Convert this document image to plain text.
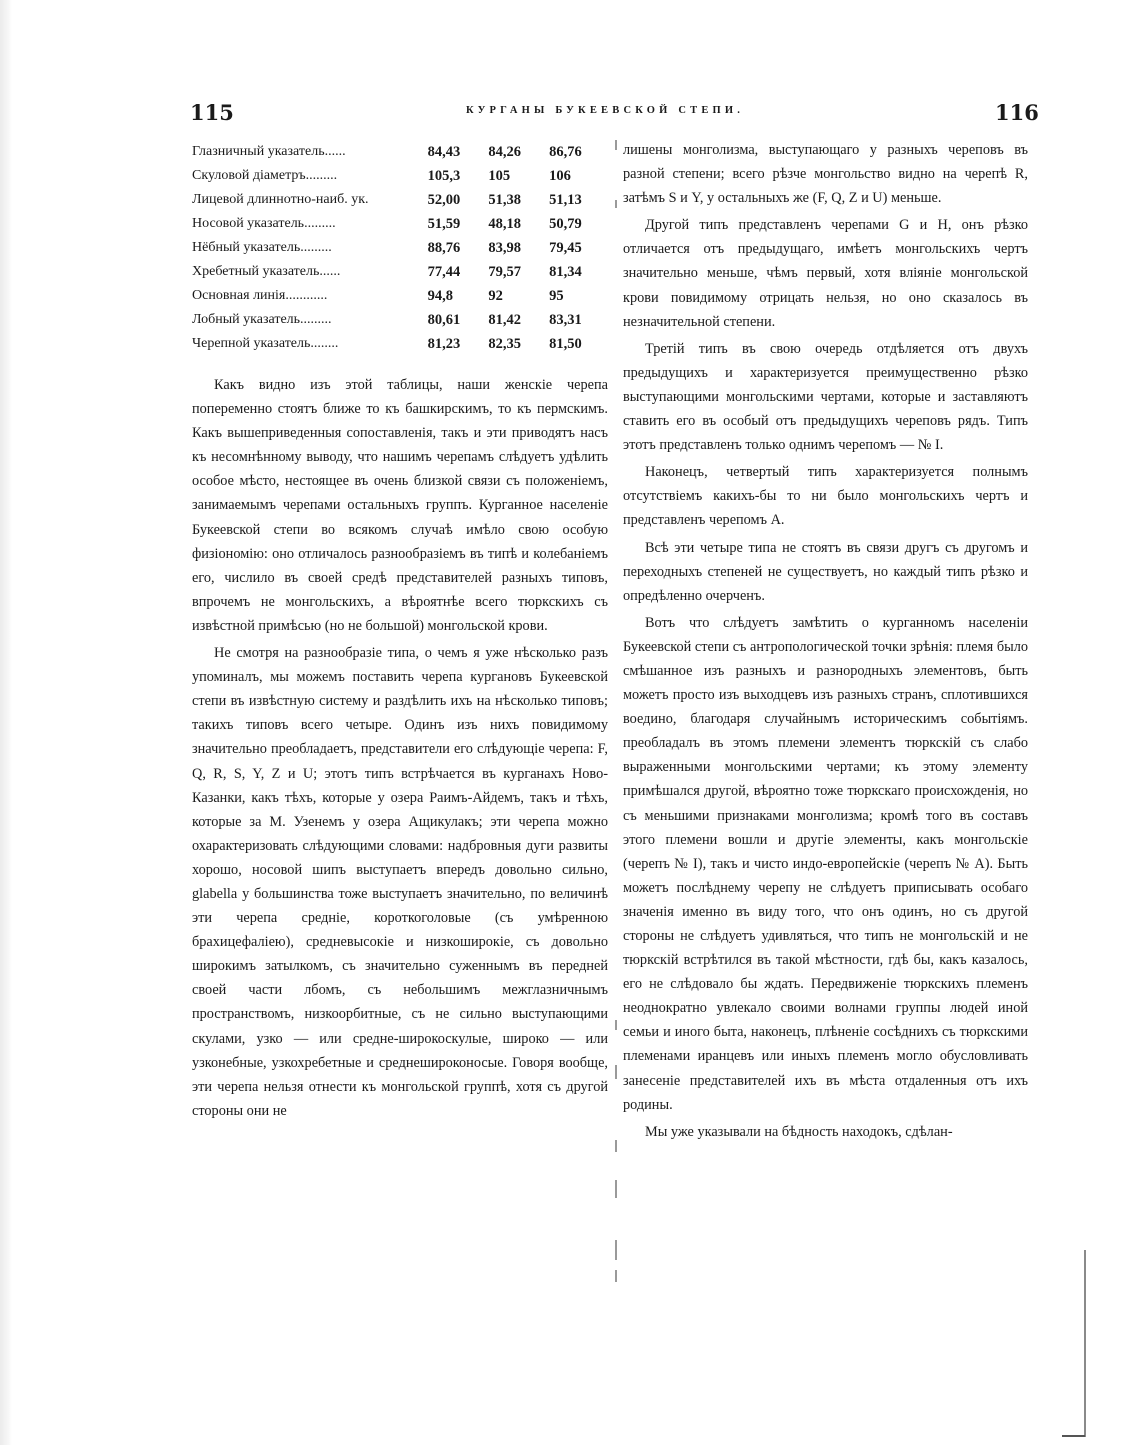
115	КУРГАНЫ БУКЕЕВСКОЙ СТЕПИ.	116
Глазничный указатель......	84,43	84,26	86,76
Скуловой діаметръ.........	105,3	105	106
Лицевой длиннотно-наиб. ук.	52,00	51,38	51,13
Носовой указатель.........	51,59	48,18	50,79
Нёбный указатель.........	88,76	83,98	79,45
Хребетный указатель......	77,44	79,57	81,34
Основная линія............	94,8	92	95
Лобный указатель.........	80,61	81,42	83,31
Черепной указатель........	81,23	82,35	81,50

Какъ видно изъ этой таблицы, наши женскіе черепа попеременно стоятъ ближе то къ башкирскимъ, то къ пермскимъ. Какъ вышеприведенныя сопоставленія, такъ и эти приводятъ насъ къ несомнѣнному выводу, что нашимъ черепамъ слѣдуетъ удѣлить особое мѣсто, нестоящее въ очень близкой связи съ положеніемъ, занимаемымъ черепами остальныхъ группъ. Курганное населеніе Букеевской степи во всякомъ случаѣ имѣло свою особую физіономію: оно отличалось разнообразіемъ въ типѣ и колебаніемъ его, числило въ своей средѣ представителей разныхъ типовъ, впрочемъ не монгольскихъ, а вѣроятнѣе всего тюркскихъ съ извѣстной примѣсью (но не большой) монгольской крови.

Не смотря на разнообразіе типа, о чемъ я уже нѣсколько разъ упоминалъ, мы можемъ поставить черепа кургановъ Букеевской степи въ извѣстную систему и раздѣлить ихъ на нѣсколько типовъ; такихъ типовъ всего четыре. Одинъ изъ нихъ повидимому значительно преобладаетъ, представители его слѣдующіе черепа: F, Q, R, S, Y, Z и U; этотъ типъ встрѣчается въ курганахъ Ново-Казанки, какъ тѣхъ, которые у озера Раимъ-Айдемъ, такъ и тѣхъ, которые за М. Узенемъ у озера Ащикулакъ; эти черепа можно охарактеризовать слѣдующими словами: надбровныя дуги развиты хорошо, носовой шипъ выступаетъ впередъ довольно сильно, glabella у большинства тоже выступаетъ значительно, по величинѣ эти черепа средніе, короткоголовые (съ умѣренною брахицефаліею), средневысокіе и низкоширокіе, съ довольно широкимъ затылкомъ, съ значительно суженнымъ въ передней своей части лбомъ, съ небольшимъ межглазничнымъ пространствомъ, низкоорбитные, съ не сильно выступающими скулами, узко — или средне-широкоскулые, широко — или узконебные, узкохребетные и среднешироконосые. Говоря вообще, эти черепа нельзя отнести къ монгольской группѣ, хотя съ другой стороны они не

лишены монголизма, выступающаго у разныхъ череповъ въ разной степени; всего рѣзче монгольство видно на черепѣ R, затѣмъ S и Y, у остальныхъ же (F, Q, Z и U) меньше.

Другой типъ представленъ черепами G и H, онъ рѣзко отличается отъ предыдущаго, имѣетъ монгольскихъ чертъ значительно меньше, чѣмъ первый, хотя вліяніе монгольской крови повидимому отрицать нельзя, но оно сказалось въ незначительной степени.

Третій типъ въ свою очередь отдѣляется отъ двухъ предыдущихъ и характеризуется преимущественно рѣзко выступающими монгольскими чертами, которые и заставляютъ ставить его въ особый отъ предыдущихъ череповъ рядъ. Типъ этотъ представленъ только однимъ черепомъ — № I.

Наконецъ, четвертый типъ характеризуется полнымъ отсутствіемъ какихъ-бы то ни было монгольскихъ чертъ и представленъ черепомъ A.

Всѣ эти четыре типа не стоятъ въ связи другъ съ другомъ и переходныхъ степеней не существуетъ, но каждый типъ рѣзко и опредѣленно очерченъ.

Вотъ что слѣдуетъ замѣтить о курганномъ населеніи Букеевской степи съ антропологической точки зрѣнія: племя было смѣшанное изъ разныхъ и разнородныхъ элементовъ, быть можетъ просто изъ выходцевъ изъ разныхъ странъ, сплотившихся воедино, благодаря случайнымъ историческимъ событіямъ. преобладалъ въ этомъ племени элементъ тюркскій съ слабо выраженными монгольскими чертами; къ этому элементу примѣшался другой, вѣроятно тоже тюркскаго происхожденія, но съ меньшими признаками монголизма; кромѣ того въ составъ этого племени вошли и другіе элементы, какъ монгольскіе (черепъ № I), такъ и чисто индо-европейскіе (черепъ № A). Быть можетъ послѣднему черепу не слѣдуетъ приписывать особаго значенія именно въ виду того, что онъ одинъ, но съ другой стороны не слѣдуетъ удивляться, что типъ не монгольскій и не тюркскій встрѣтился въ такой мѣстности, гдѣ бы, какъ казалось, его не слѣдовало бы ждать. Передвиженіе тюркскихъ племенъ неоднократно увлекало своими волнами группы людей иной семьи и иного быта, наконецъ, плѣненіе сосѣднихъ съ тюркскими племенами иранцевъ или иныхъ племенъ могло обусловливать занесеніе представителей ихъ въ мѣста отдаленныя отъ ихъ родины.

Мы уже указывали на бѣдность находокъ, сдѣлан-
